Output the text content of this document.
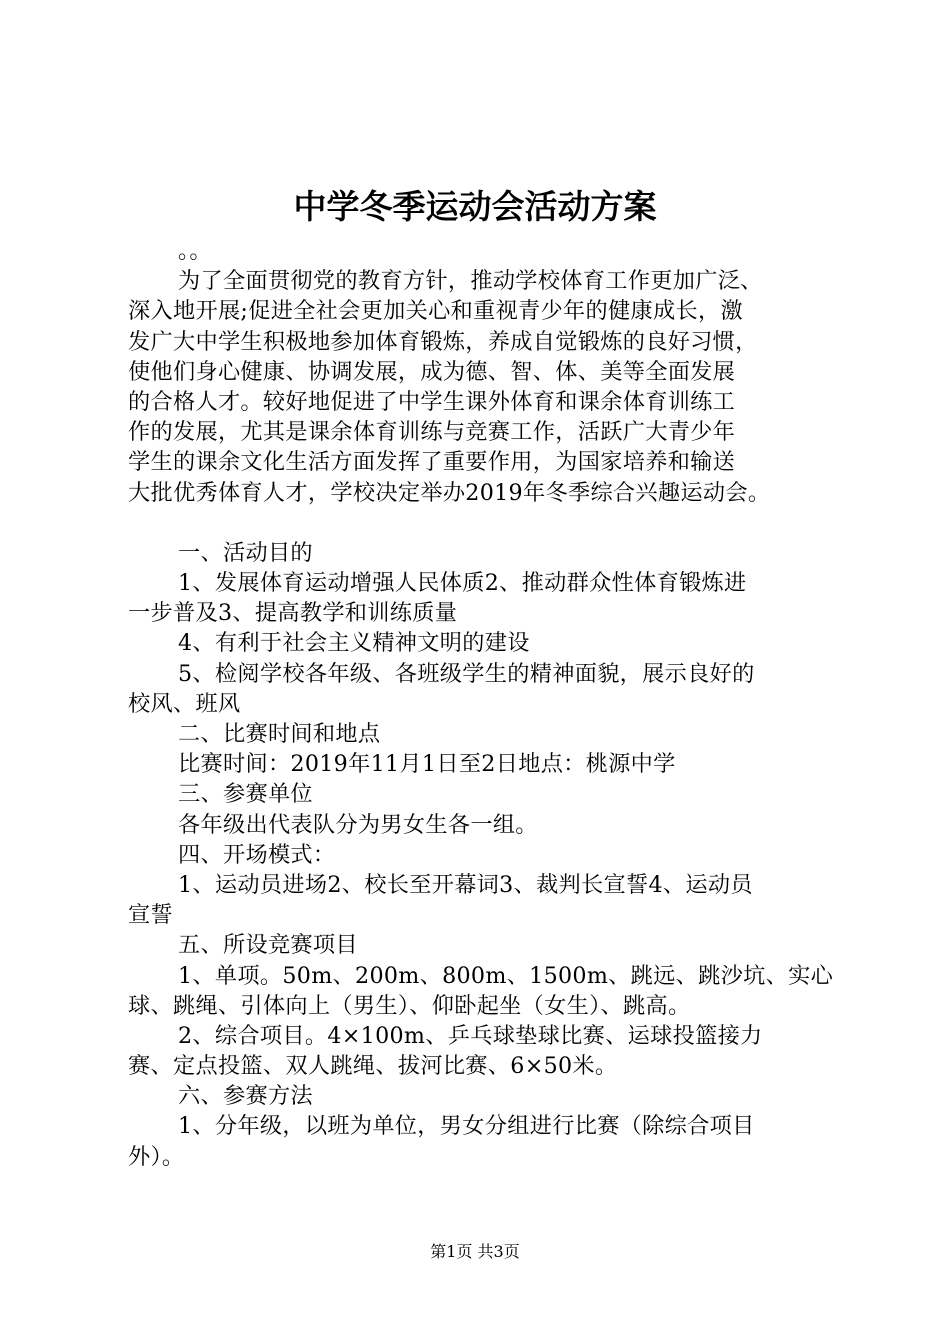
中学冬季运动会活动方案
。。
为了全面贯彻党的教育方针，推动学校体育工作更加广泛、
深入地开展;促进全社会更加关心和重视青少年的健康成长，激
发广大中学生积极地参加体育锻炼，养成自觉锻炼的良好习惯，
使他们身心健康、协调发展，成为德、智、体、美等全面发展
的合格人才。较好地促进了中学生课外体育和课余体育训练工
作的发展，尤其是课余体育训练与竞赛工作，活跃广大青少年
学生的课余文化生活方面发挥了重要作用，为国家培养和输送
大批优秀体育人才，学校决定举办2019年冬季综合兴趣运动会。
一、活动目的
1、发展体育运动增强人民体质2、推动群众性体育锻炼进
一步普及3、提高教学和训练质量
4、有利于社会主义精神文明的建设
5、检阅学校各年级、各班级学生的精神面貌，展示良好的
校风、班风
二、比赛时间和地点
比赛时间：2019年11月1日至2日地点：桃源中学
三、参赛单位
各年级出代表队分为男女生各一组。
四、开场模式：
1、运动员进场2、校长至开幕词3、裁判长宣誓4、运动员
宣誓
五、所设竞赛项目
1、单项。50m、200m、800m、1500m、跳远、跳沙坑、实心
球、跳绳、引体向上（男生）、仰卧起坐（女生）、跳高。
2、综合项目。4×100m、乒乓球垫球比赛、运球投篮接力
赛、定点投篮、双人跳绳、拔河比赛、6×50米。
六、参赛方法
1、分年级，以班为单位，男女分组进行比赛（除综合项目
外）。
第1页 共3页
